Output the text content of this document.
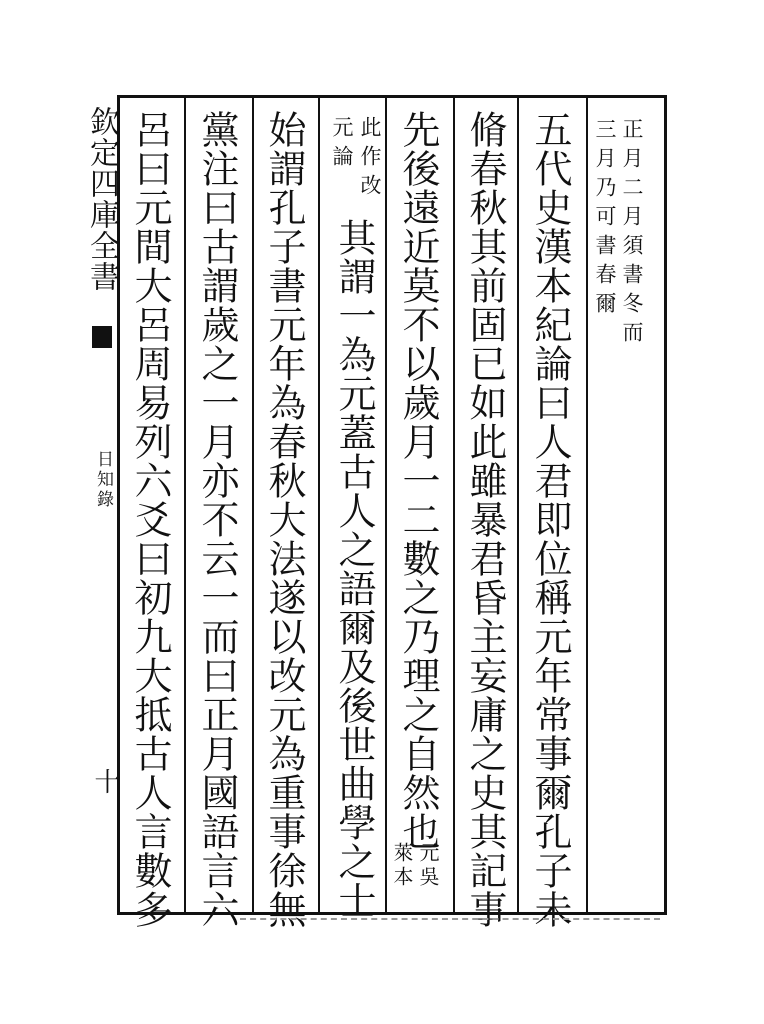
欽定四庫全書
日知錄
十
正月二月須書冬而
三月乃可書春爾
五代史漢本紀論曰人君即位稱元年常事爾孔子未
脩春秋其前固已如此雖暴君昏主妄庸之史其記事
先後遠近莫不以歲月一二數之乃理之自然也
元吳
萊本
此作改
元論
其謂一為元蓋古人之語爾及後世曲學之士
始謂孔子書元年為春秋大法遂以改元為重事徐無
黨注曰古謂歲之一月亦不云一而曰正月國語言六
呂曰元間大呂周易列六爻曰初九大抵古人言數多
